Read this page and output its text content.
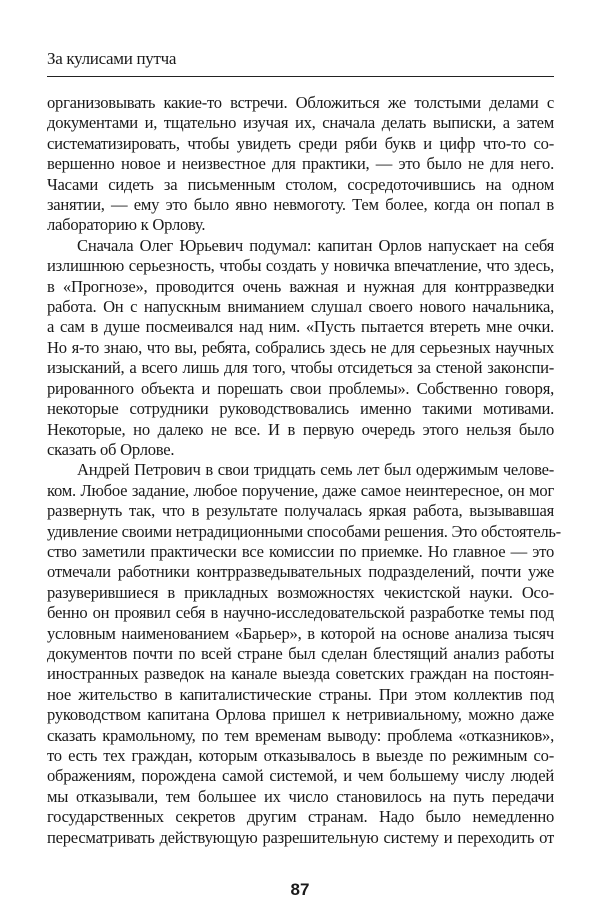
За кулисами путча
организовывать какие-то встречи. Обложиться же толстыми делами с
документами и, тщательно изучая их, сначала делать выписки, а затем
систематизировать, чтобы увидеть среди ряби букв и цифр что-то со-
вершенно новое и неизвестное для практики, — это было не для него.
Часами сидеть за письменным столом, сосредоточившись на одном
занятии, — ему это было явно невмоготу. Тем более, когда он попал в
лабораторию к Орлову.
Сначала Олег Юрьевич подумал: капитан Орлов напускает на себя
излишнюю серьезность, чтобы создать у новичка впечатление, что здесь,
в «Прогнозе», проводится очень важная и нужная для контрразведки
работа. Он с напускным вниманием слушал своего нового начальника,
а сам в душе посмеивался над ним. «Пусть пытается втереть мне очки.
Но я-то знаю, что вы, ребята, собрались здесь не для серьезных научных
изысканий, а всего лишь для того, чтобы отсидеться за стеной законспи-
рированного объекта и порешать свои проблемы». Собственно говоря,
некоторые сотрудники руководствовались именно такими мотивами.
Некоторые, но далеко не все. И в первую очередь этого нельзя было
сказать об Орлове.
Андрей Петрович в свои тридцать семь лет был одержимым челове-
ком. Любое задание, любое поручение, даже самое неинтересное, он мог
развернуть так, что в результате получалась яркая работа, вызывавшая
удивление своими нетрадиционными способами решения. Это обстоятель-
ство заметили практически все комиссии по приемке. Но главное — это
отмечали работники контрразведывательных подразделений, почти уже
разуверившиеся в прикладных возможностях чекистской науки. Осо-
бенно он проявил себя в научно-исследовательской разработке темы под
условным наименованием «Барьер», в которой на основе анализа тысяч
документов почти по всей стране был сделан блестящий анализ работы
иностранных разведок на канале выезда советских граждан на постоян-
ное жительство в капиталистические страны. При этом коллектив под
руководством капитана Орлова пришел к нетривиальному, можно даже
сказать крамольному, по тем временам выводу: проблема «отказников»,
то есть тех граждан, которым отказывалось в выезде по режимным со-
ображениям, порождена самой системой, и чем большему числу людей
мы отказывали, тем большее их число становилось на путь передачи
государственных секретов другим странам. Надо было немедленно
пересматривать действующую разрешительную систему и переходить от
87
